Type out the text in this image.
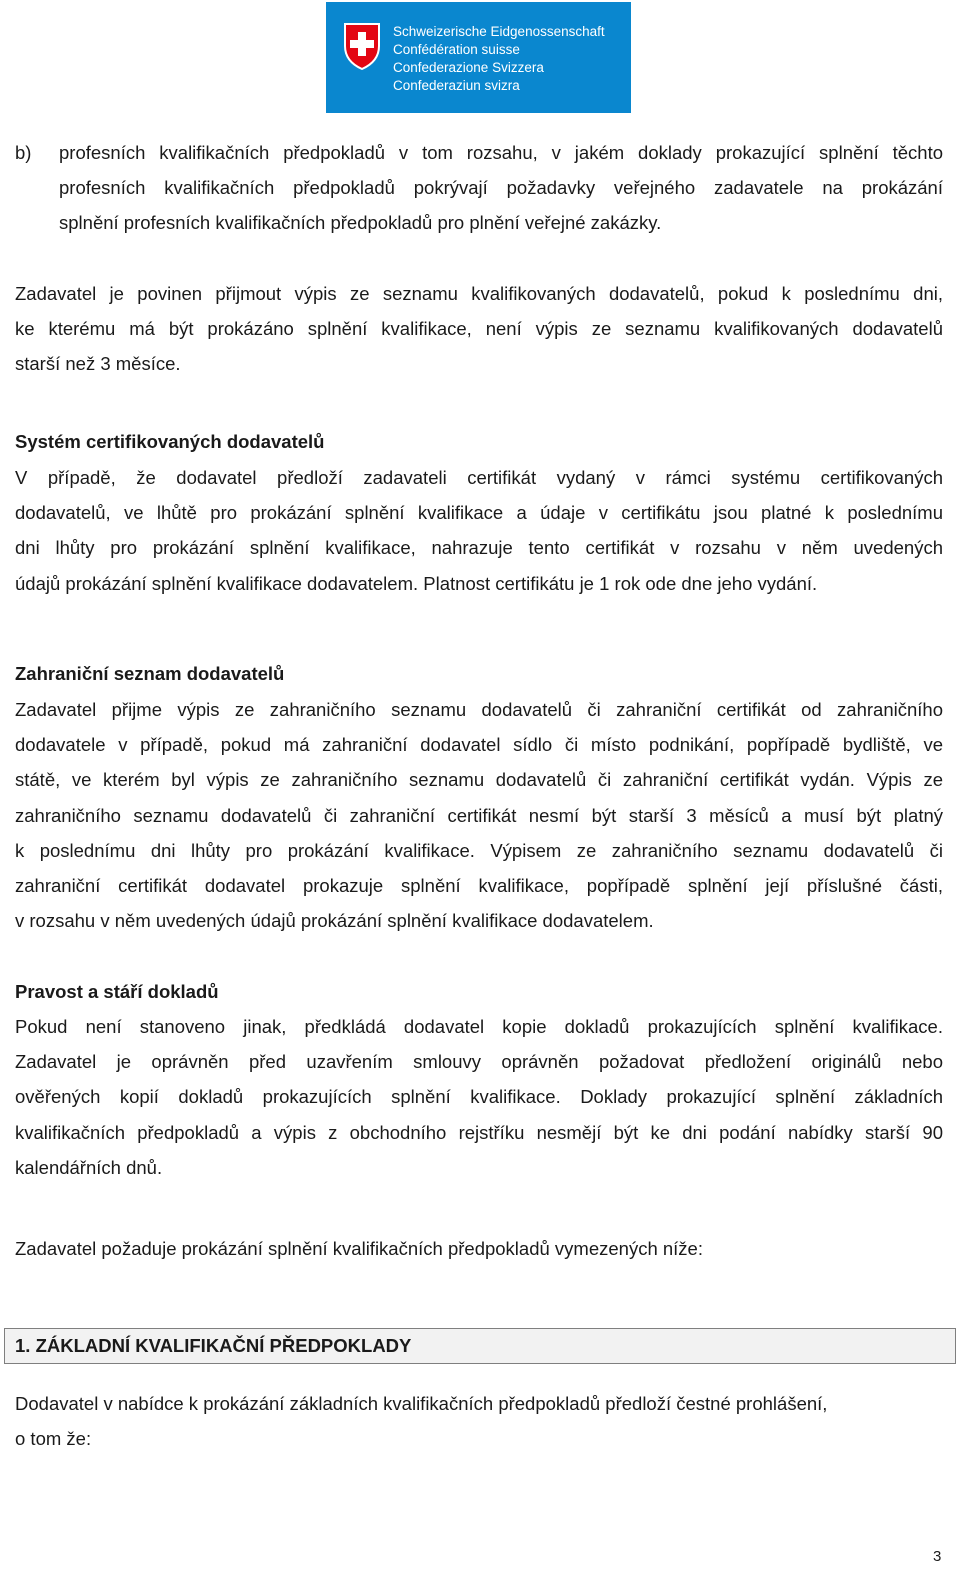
Schweizerische Eidgenossenschaft
Confédération suisse
Confederazione Svizzera
Confederaziun svizra
b) profesních kvalifikačních předpokladů v tom rozsahu, v jakém doklady prokazující splnění těchto
profesních kvalifikačních předpokladů pokrývají požadavky veřejného zadavatele na prokázání
splnění profesních kvalifikačních předpokladů pro plnění veřejné zakázky.
Zadavatel je povinen přijmout výpis ze seznamu kvalifikovaných dodavatelů, pokud k poslednímu dni,
ke kterému má být prokázáno splnění kvalifikace, není výpis ze seznamu kvalifikovaných dodavatelů
starší než 3 měsíce.
Systém certifikovaných dodavatelů
V případě, že dodavatel předloží zadavateli certifikát vydaný v rámci systému certifikovaných
dodavatelů, ve lhůtě pro prokázání splnění kvalifikace a údaje v certifikátu jsou platné k poslednímu
dni lhůty pro prokázání splnění kvalifikace, nahrazuje tento certifikát v rozsahu v něm uvedených
údajů prokázání splnění kvalifikace dodavatelem. Platnost certifikátu je 1 rok ode dne jeho vydání.
Zahraniční seznam dodavatelů
Zadavatel přijme výpis ze zahraničního seznamu dodavatelů či zahraniční certifikát od zahraničního
dodavatele v případě, pokud má zahraniční dodavatel sídlo či místo podnikání, popřípadě bydliště, ve
státě, ve kterém byl výpis ze zahraničního seznamu dodavatelů či zahraniční certifikát vydán. Výpis ze
zahraničního seznamu dodavatelů či zahraniční certifikát nesmí být starší 3 měsíců a musí být platný
k poslednímu dni lhůty pro prokázání kvalifikace. Výpisem ze zahraničního seznamu dodavatelů či
zahraniční certifikát dodavatel prokazuje splnění kvalifikace, popřípadě splnění její příslušné části,
v rozsahu v něm uvedených údajů prokázání splnění kvalifikace dodavatelem.
Pravost a stáří dokladů
Pokud není stanoveno jinak, předkládá dodavatel kopie dokladů prokazujících splnění kvalifikace.
Zadavatel je oprávněn před uzavřením smlouvy oprávněn požadovat předložení originálů nebo
ověřených kopií dokladů prokazujících splnění kvalifikace. Doklady prokazující splnění základních
kvalifikačních předpokladů a výpis z obchodního rejstříku nesmějí být ke dni podání nabídky starší 90
kalendářních dnů.
Zadavatel požaduje prokázání splnění kvalifikačních předpokladů vymezených níže:
1. ZÁKLADNÍ KVALIFIKAČNÍ PŘEDPOKLADY
Dodavatel v nabídce k prokázání základních kvalifikačních předpokladů předloží čestné prohlášení,
o tom že:
3
